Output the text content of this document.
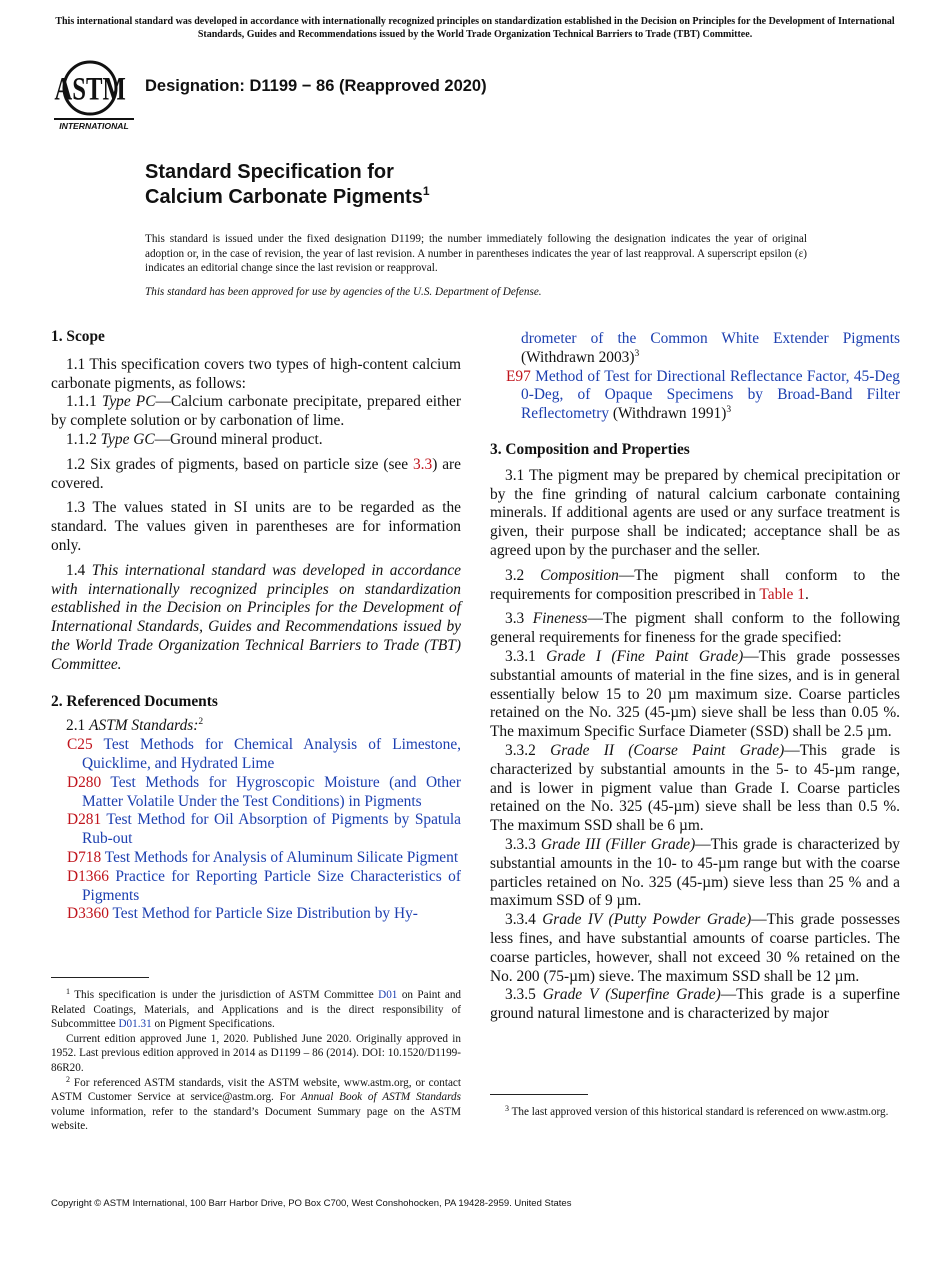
This international standard was developed in accordance with internationally recognized principles on standardization established in the Decision on Principles for the Development of International Standards, Guides and Recommendations issued by the World Trade Organization Technical Barriers to Trade (TBT) Committee.
ASTM
INTERNATIONAL
Designation: D1199 − 86 (Reapproved 2020)
Standard Specification for
Calcium Carbonate Pigments$^1$
This standard is issued under the fixed designation D1199; the number immediately following the designation indicates the year of original adoption or, in the case of revision, the year of last revision. A number in parentheses indicates the year of last reapproval. A superscript epsilon (ε) indicates an editorial change since the last revision or reapproval.
This standard has been approved for use by agencies of the U.S. Department of Defense.
1. Scope

1.1 This specification covers two types of high-content calcium carbonate pigments, as follows:

1.1.1 Type PC—Calcium carbonate precipitate, prepared either by complete solution or by carbonation of lime.

1.1.2 Type GC—Ground mineral product.

1.2 Six grades of pigments, based on particle size (see 3.3) are covered.

1.3 The values stated in SI units are to be regarded as the standard. The values given in parentheses are for information only.

1.4 This international standard was developed in accordance with internationally recognized principles on standardization established in the Decision on Principles for the Development of International Standards, Guides and Recommendations issued by the World Trade Organization Technical Barriers to Trade (TBT) Committee.

2. Referenced Documents

2.1 ASTM Standards:$^2$

C25 Test Methods for Chemical Analysis of Limestone, Quicklime, and Hydrated Lime

D280 Test Methods for Hygroscopic Moisture (and Other Matter Volatile Under the Test Conditions) in Pigments

D281 Test Method for Oil Absorption of Pigments by Spatula Rub-out

D718 Test Methods for Analysis of Aluminum Silicate Pigment

D1366 Practice for Reporting Particle Size Characteristics of Pigments

D3360 Test Method for Particle Size Distribution by Hy-

drometer of the Common White Extender Pigments (Withdrawn 2003)$^3$

E97 Method of Test for Directional Reflectance Factor, 45-Deg 0-Deg, of Opaque Specimens by Broad-Band Filter Reflectometry (Withdrawn 1991)$^3$

3. Composition and Properties

3.1 The pigment may be prepared by chemical precipitation or by the fine grinding of natural calcium carbonate containing minerals. If additional agents are used or any surface treatment is given, their purpose shall be indicated; acceptance shall be as agreed upon by the purchaser and the seller.

3.2 Composition—The pigment shall conform to the requirements for composition prescribed in Table 1.

3.3 Fineness—The pigment shall conform to the following general requirements for fineness for the grade specified:

3.3.1 Grade I (Fine Paint Grade)—This grade possesses substantial amounts of material in the fine sizes, and is in general essentially below 15 to 20 µm maximum size. Coarse particles retained on the No. 325 (45-µm) sieve shall be less than 0.05 %. The maximum Specific Surface Diameter (SSD) shall be 2.5 µm.

3.3.2 Grade II (Coarse Paint Grade)—This grade is characterized by substantial amounts in the 5- to 45-µm range, and is lower in pigment value than Grade I. Coarse particles retained on the No. 325 (45-µm) sieve shall be less than 0.5 %. The maximum SSD shall be 6 µm.

3.3.3 Grade III (Filler Grade)—This grade is characterized by substantial amounts in the 10- to 45-µm range but with the coarse particles retained on No. 325 (45-µm) sieve less than 25 % and a maximum SSD of 9 µm.

3.3.4 Grade IV (Putty Powder Grade)—This grade possesses less fines, and have substantial amounts of coarse particles. The coarse particles, however, shall not exceed 30 % retained on the No. 200 (75-µm) sieve. The maximum SSD shall be 12 µm.

3.3.5 Grade V (Superfine Grade)—This grade is a superfine ground natural limestone and is characterized by major

$^1$ This specification is under the jurisdiction of ASTM Committee D01 on Paint and Related Coatings, Materials, and Applications and is the direct responsibility of Subcommittee D01.31 on Pigment Specifications.

Current edition approved June 1, 2020. Published June 2020. Originally approved in 1952. Last previous edition approved in 2014 as D1199 – 86 (2014). DOI: 10.1520/D1199-86R20.

$^2$ For referenced ASTM standards, visit the ASTM website, www.astm.org, or contact ASTM Customer Service at service@astm.org. For Annual Book of ASTM Standards volume information, refer to the standard’s Document Summary page on the ASTM website.

$^3$ The last approved version of this historical standard is referenced on www.astm.org.

Copyright © ASTM International, 100 Barr Harbor Drive, PO Box C700, West Conshohocken, PA 19428-2959. United States
